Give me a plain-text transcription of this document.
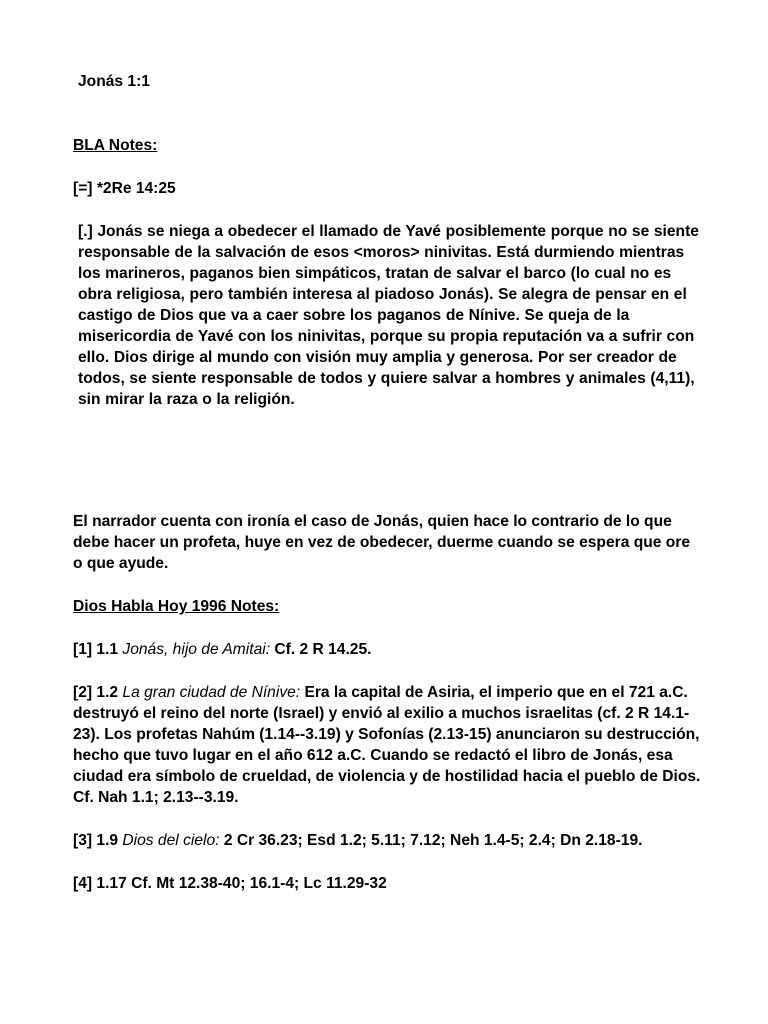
Jonás 1:1

BLA Notes:

[=] *2Re 14:25

[.] Jonás se niega a obedecer el llamado de Yavé posiblemente porque no se siente responsable de la salvación de esos <moros> ninivitas. Está durmiendo mientras los marineros, paganos bien simpáticos, tratan de salvar el barco (lo cual no es obra religiosa, pero también interesa al piadoso Jonás). Se alegra de pensar en el castigo de Dios que va a caer sobre los paganos de Nínive. Se queja de la misericordia de Yavé con los ninivitas, porque su propia reputación va a sufrir con ello. Dios dirige al mundo con visión muy amplia y generosa. Por ser creador de todos, se siente responsable de todos y quiere salvar a hombres y animales (4,11), sin mirar la raza o la religión.

El narrador cuenta con ironía el caso de Jonás, quien hace lo contrario de lo que debe hacer un profeta, huye en vez de obedecer, duerme cuando se espera que ore o que ayude.

Dios Habla Hoy 1996 Notes:

[1] 1.1 Jonás, hijo de Amitai: Cf. 2 R 14.25.

[2] 1.2 La gran ciudad de Nínive: Era la capital de Asiria, el imperio que en el 721 a.C. destruyó el reino del norte (Israel) y envió al exilio a muchos israelitas (cf. 2 R 14.1-23). Los profetas Nahúm (1.14--3.19) y Sofonías (2.13-15) anunciaron su destrucción, hecho que tuvo lugar en el año 612 a.C. Cuando se redactó el libro de Jonás, esa ciudad era símbolo de crueldad, de violencia y de hostilidad hacia el pueblo de Dios. Cf. Nah 1.1; 2.13--3.19.

[3] 1.9 Dios del cielo: 2 Cr 36.23; Esd 1.2; 5.11; 7.12; Neh 1.4-5; 2.4; Dn 2.18-19.

[4] 1.17 Cf. Mt 12.38-40; 16.1-4; Lc 11.29-32
